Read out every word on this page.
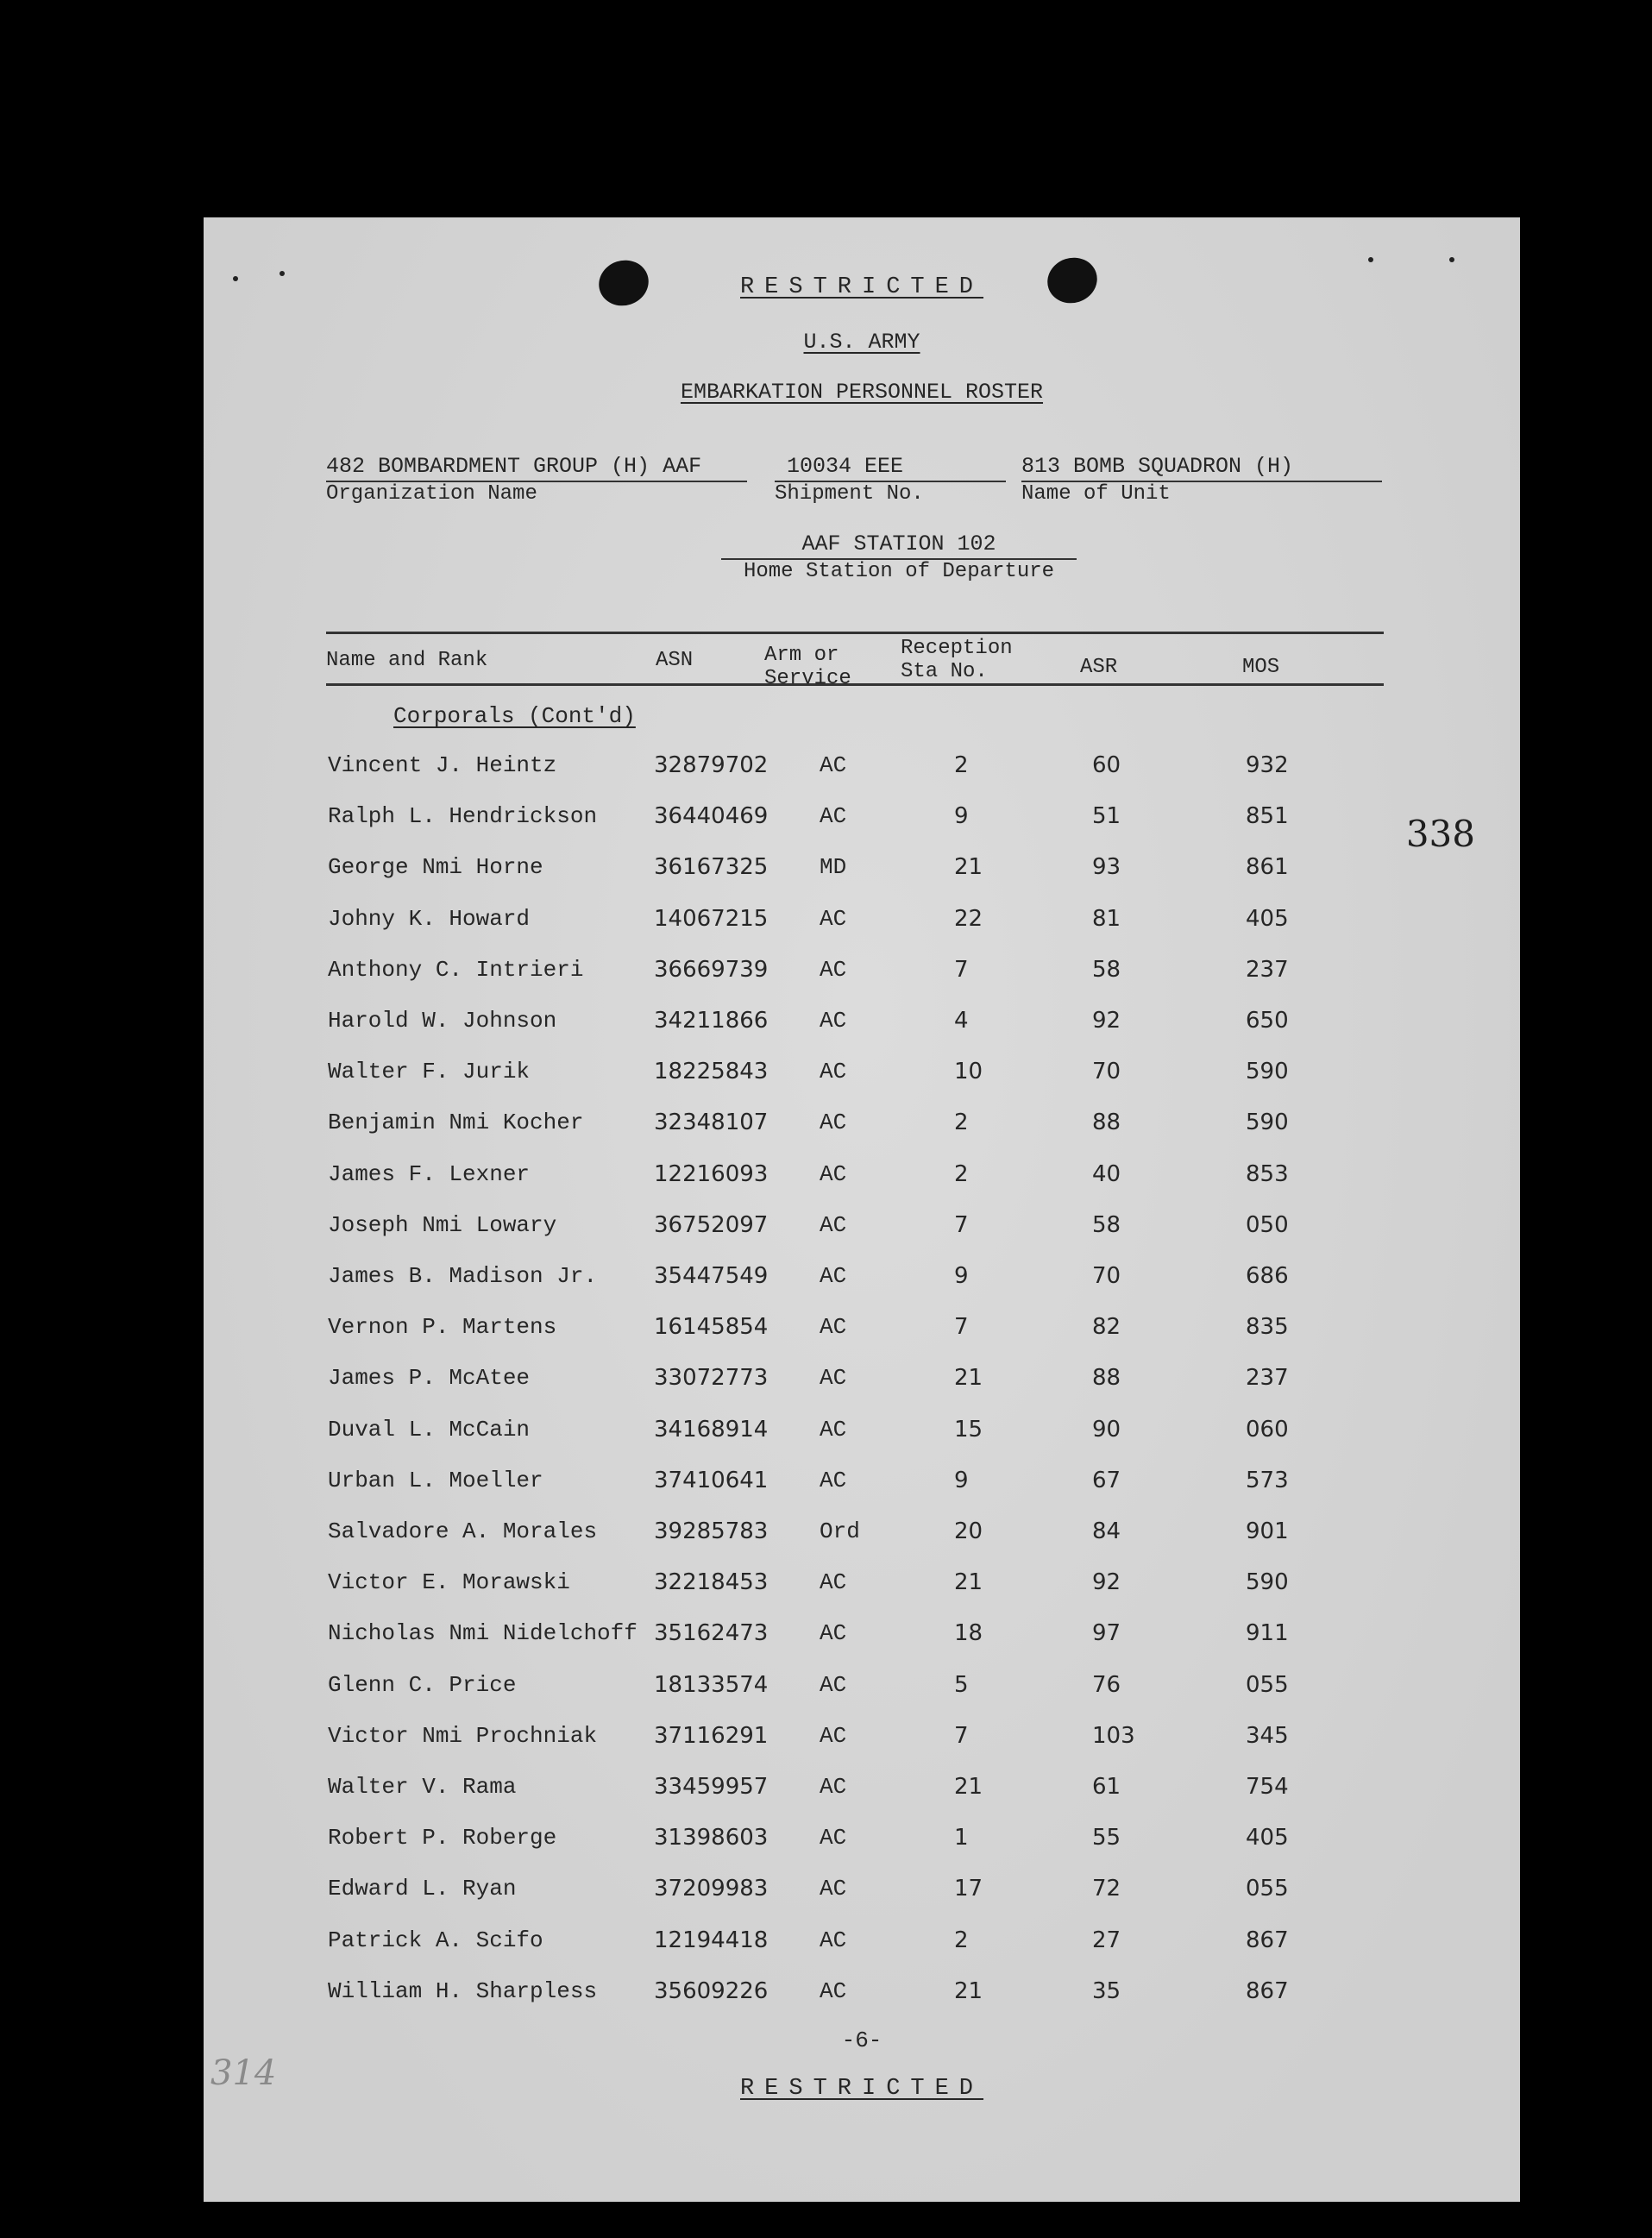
RESTRICTED
U.S. ARMY
EMBARKATION PERSONNEL ROSTER
482 BOMBARDMENT GROUP (H) AAF
Organization Name
10034 EEE
Shipment No.
813 BOMB SQUADRON (H)
Name of Unit
AAF STATION 102
Home Station of Departure
Name and Rank	ASN	Arm or
Service
Reception
Sta No.	ASR	MOS
Corporals (Cont'd)
Vincent J. Heintz	32879702 AC	2	60	932
Ralph L. Hendrickson	36440469 AC	9	51	851
George Nmi Horne	36167325 MD	21	93	861
Johny K. Howard	14067215 AC	22	81	405
Anthony C. Intrieri	36669739 AC	7	58	237
Harold W. Johnson	34211866 AC	4	92	650
Walter F. Jurik	18225843 AC	10	70	590
Benjamin Nmi Kocher	32348107 AC	2	88	590
James F. Lexner	12216093 AC	2	40	853
Joseph Nmi Lowary	36752097 AC	7	58	050
James B. Madison Jr.	35447549 AC	9	70	686
Vernon P. Martens	16145854 AC	7	82	835
James P. McAtee	33072773 AC	21	88	237
Duval L. McCain	34168914 AC	15	90	060
Urban L. Moeller	37410641 AC	9	67	573
Salvadore A. Morales	39285783 Ord	20	84	901
Victor E. Morawski	32218453 AC	21	92	590
Nicholas Nmi Nidelchoff 35162473 AC	18	97	911
Glenn C. Price	18133574 AC	5	76	055
Victor Nmi Prochniak	37116291 AC	7	103	345
Walter V. Rama	33459957 AC	21	61	754
Robert P. Roberge	31398603 AC	1	55	405
Edward L. Ryan	37209983 AC	17	72	055
Patrick A. Scifo	12194418 AC	2	27	867
William H. Sharpless	35609226 AC	21	35	867
338
-6-
RESTRICTED
314
